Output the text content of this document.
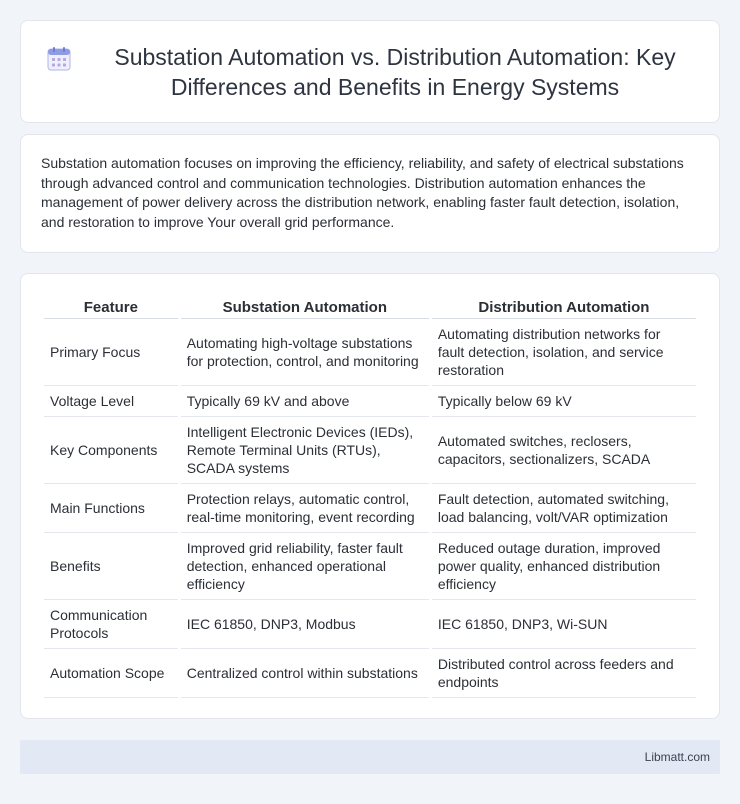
Substation Automation vs. Distribution Automation: Key Differences and Benefits in Energy Systems

Substation automation focuses on improving the efficiency, reliability, and safety of electrical substations through advanced control and communication technologies. Distribution automation enhances the management of power delivery across the distribution network, enabling faster fault detection, isolation, and restoration to improve Your overall grid performance.

Feature	Substation Automation	Distribution Automation
Primary Focus	Automating high-voltage substations for protection, control, and monitoring	Automating distribution networks for fault detection, isolation, and service restoration
Voltage Level	Typically 69 kV and above	Typically below 69 kV
Key Components	Intelligent Electronic Devices (IEDs), Remote Terminal Units (RTUs), SCADA systems	Automated switches, reclosers, capacitors, sectionalizers, SCADA
Main Functions	Protection relays, automatic control, real-time monitoring, event recording	Fault detection, automated switching, load balancing, volt/VAR optimization
Benefits	Improved grid reliability, faster fault detection, enhanced operational efficiency	Reduced outage duration, improved power quality, enhanced distribution efficiency
Communication Protocols	IEC 61850, DNP3, Modbus	IEC 61850, DNP3, Wi-SUN
Automation Scope	Centralized control within substations	Distributed control across feeders and endpoints
Libmatt.com
